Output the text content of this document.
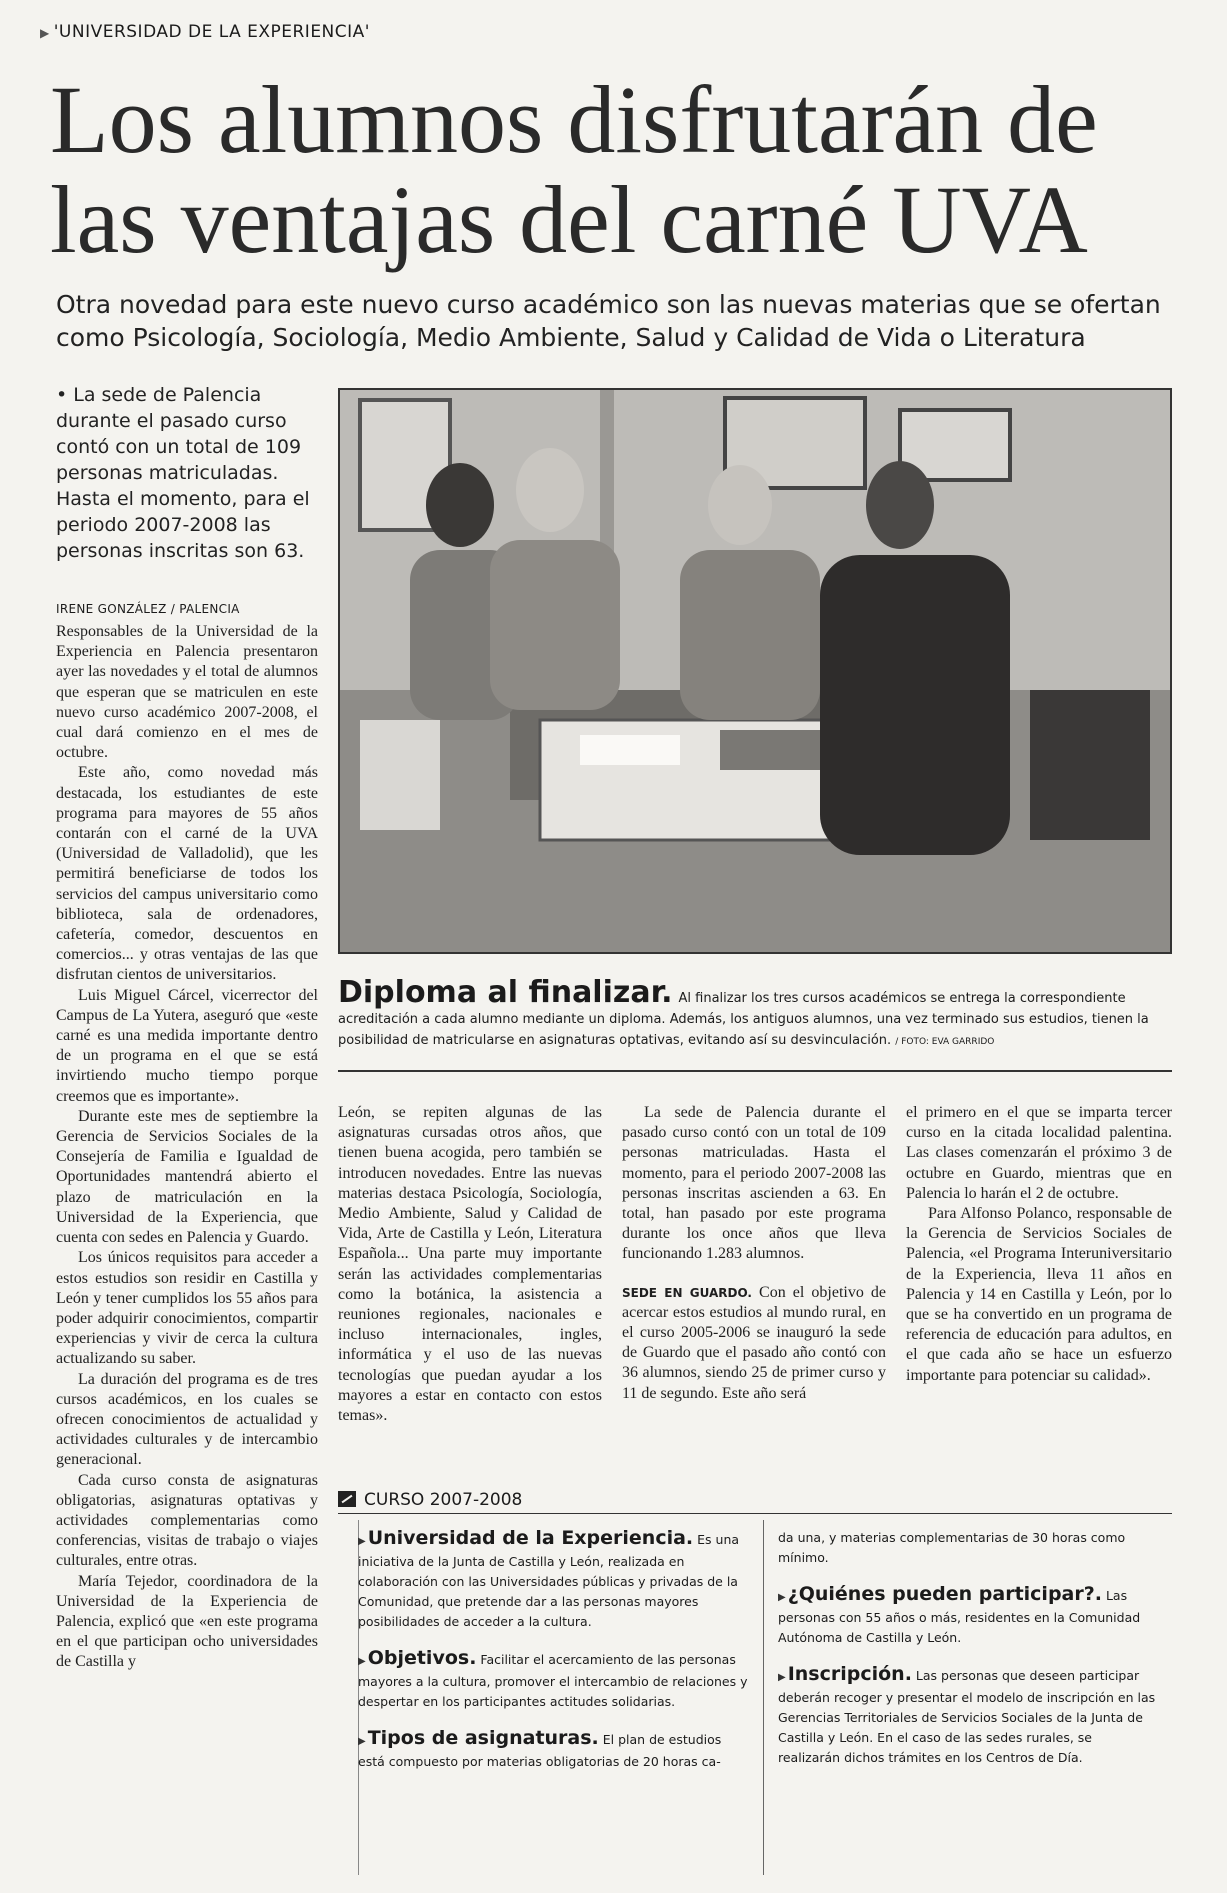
▶ 'UNIVERSIDAD DE LA EXPERIENCIA'
Los alumnos disfrutarán de las ventajas del carné UVA

Otra novedad para este nuevo curso académico son las nuevas materias que se ofertan como Psicología, Sociología, Medio Ambiente, Salud y Calidad de Vida o Literatura

• La sede de Palencia durante el pasado curso contó con un total de 109 personas matriculadas. Hasta el momento, para el periodo 2007-2008 las personas inscritas son 63.
IRENE GONZÁLEZ / PALENCIA

Responsables de la Universidad de la Experiencia en Palencia presentaron ayer las novedades y el total de alumnos que esperan que se matriculen en este nuevo curso académico 2007-2008, el cual dará comienzo en el mes de octubre.

Este año, como novedad más destacada, los estudiantes de este programa para mayores de 55 años contarán con el carné de la UVA (Universidad de Valladolid), que les permitirá beneficiarse de todos los servicios del campus universitario como biblioteca, sala de ordenadores, cafetería, comedor, descuentos en comercios... y otras ventajas de las que disfrutan cientos de universitarios.

Luis Miguel Cárcel, vicerrector del Campus de La Yutera, aseguró que «este carné es una medida importante dentro de un programa en el que se está invirtiendo mucho tiempo porque creemos que es importante».

Durante este mes de septiembre la Gerencia de Servicios Sociales de la Consejería de Familia e Igualdad de Oportunidades mantendrá abierto el plazo de matriculación en la Universidad de la Experiencia, que cuenta con sedes en Palencia y Guardo.

Los únicos requisitos para acceder a estos estudios son residir en Castilla y León y tener cumplidos los 55 años para poder adquirir conocimientos, compartir experiencias y vivir de cerca la cultura actualizando su saber.

La duración del programa es de tres cursos académicos, en los cuales se ofrecen conocimientos de actualidad y actividades culturales y de intercambio generacional.

Cada curso consta de asignaturas obligatorias, asignaturas optativas y actividades complementarias como conferencias, visitas de trabajo o viajes culturales, entre otras.

María Tejedor, coordinadora de la Universidad de la Experiencia de Palencia, explicó que «en este programa en el que participan ocho universidades de Castilla y

Diploma al finalizar. Al finalizar los tres cursos académicos se entrega la correspondiente acreditación a cada alumno mediante un diploma. Además, los antiguos alumnos, una vez terminado sus estudios, tienen la posibilidad de matricularse en asignaturas optativas, evitando así su desvinculación. / FOTO: EVA GARRIDO

León, se repiten algunas de las asignaturas cursadas otros años, que tienen buena acogida, pero también se introducen novedades. Entre las nuevas materias destaca Psicología, Sociología, Medio Ambiente, Salud y Calidad de Vida, Arte de Castilla y León, Literatura Española... Una parte muy importante serán las actividades complementarias como la botánica, la asistencia a reuniones regionales, nacionales e incluso internacionales, ingles, informática y el uso de las nuevas tecnologías que puedan ayudar a los mayores a estar en contacto con estos temas».

La sede de Palencia durante el pasado curso contó con un total de 109 personas matriculadas. Hasta el momento, para el periodo 2007-2008 las personas inscritas ascienden a 63. En total, han pasado por este programa durante los once años que lleva funcionando 1.283 alumnos.

SEDE EN GUARDO. Con el objetivo de acercar estos estudios al mundo rural, en el curso 2005-2006 se inauguró la sede de Guardo que el pasado año contó con 36 alumnos, siendo 25 de primer curso y 11 de segundo. Este año será

el primero en el que se imparta tercer curso en la citada localidad palentina. Las clases comenzarán el próximo 3 de octubre en Guardo, mientras que en Palencia lo harán el 2 de octubre.

Para Alfonso Polanco, responsable de la Gerencia de Servicios Sociales de Palencia, «el Programa Interuniversitario de la Experiencia, lleva 11 años en Palencia y 14 en Castilla y León, por lo que se ha convertido en un programa de referencia de educación para adultos, en el que cada año se hace un esfuerzo importante para potenciar su calidad».

CURSO 2007-2008
▶ Universidad de la Experiencia. Es una iniciativa de la Junta de Castilla y León, realizada en colaboración con las Universidades públicas y privadas de la Comunidad, que pretende dar a las personas mayores posibilidades de acceder a la cultura.
▶ Objetivos. Facilitar el acercamiento de las personas mayores a la cultura, promover el intercambio de relaciones y despertar en los participantes actitudes solidarias.
▶ Tipos de asignaturas. El plan de estudios está compuesto por materias obligatorias de 20 horas ca-
da una, y materias complementarias de 30 horas como mínimo.
▶ ¿Quiénes pueden participar?. Las personas con 55 años o más, residentes en la Comunidad Autónoma de Castilla y León.
▶ Inscripción. Las personas que deseen participar deberán recoger y presentar el modelo de inscripción en las Gerencias Territoriales de Servicios Sociales de la Junta de Castilla y León. En el caso de las sedes rurales, se realizarán dichos trámites en los Centros de Día.
